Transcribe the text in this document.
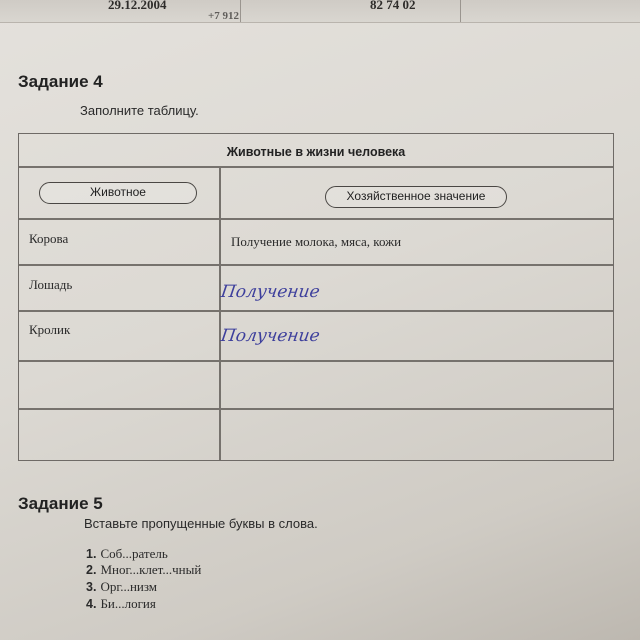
29.12.2004	82 74 02
+7 912
Задание 4
Заполните таблицу.
Животные в жизни человека
Животное	Хозяйственное значение
Корова	Получение молока, мяса, кожи
Лошадь	Получение
Кролик	Получение
Задание 5
Вставьте пропущенные буквы в слова.
1. Соб...ратель
2. Мног...клет...чный
3. Орг...низм
4. Би...логия
